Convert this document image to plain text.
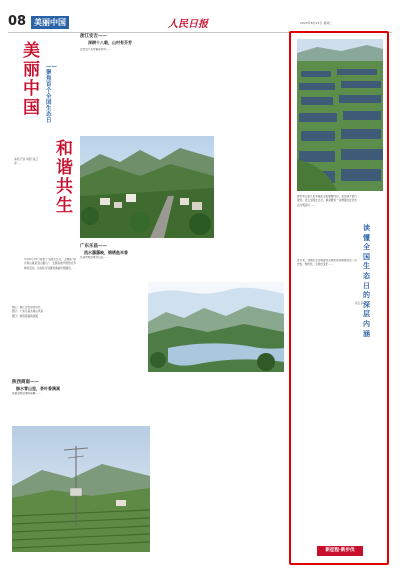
08 美丽中国	人民日报	2023年8月15日 星期二
美丽中国
——聚焦首个全国生态日
和谐共生
本报记者 刘毅 寇江泽 …
今年8月15日是首个全国生态日，主题是“绿水青山就是金山银山”。全国各地开展形式多样的活动，以实际行动推进美丽中国建设。
图①：浙江安吉余村风光
图②：广东乐昌九峰山风景
图③：陕西商南的茶园
浙江安吉——
深耕十八载，山村有芬芳
安吉县天荒坪镇余村村……
广东乐昌——
流水潺潺映，锦绣鱼米香
乐昌市地处粤北山区……
陕西商南——
绿水青山里，茶叶香满溪
商南县地处秦岭南麓……
绿水青山是人民幸福生活的重要内容，是金钱不能代替的。设立全国生态日，就是要进一步增强全社会生态文明意识……
读懂全国生态日的深层内涵
寇江泽
近年来，我国生态文明建设从理论到实践都发生了历史性、转折性、全局性变化……
新征程·新步伐
